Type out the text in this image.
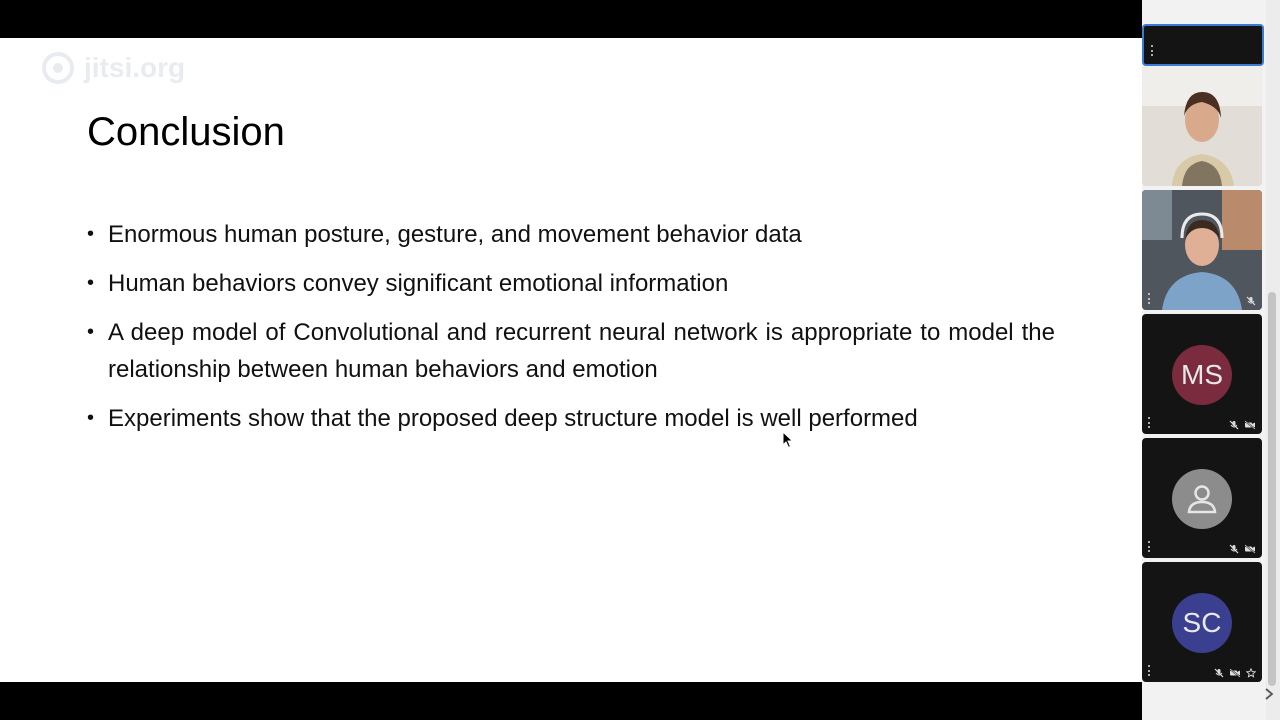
jitsi.org
Conclusion
• Enormous human posture, gesture, and movement behavior data
• Human behaviors convey significant emotional information
• A deep model of Convolutional and recurrent neural network is appropriate to model the relationship between human behaviors and emotion
• Experiments show that the proposed deep structure model is well performed
MS
SC
